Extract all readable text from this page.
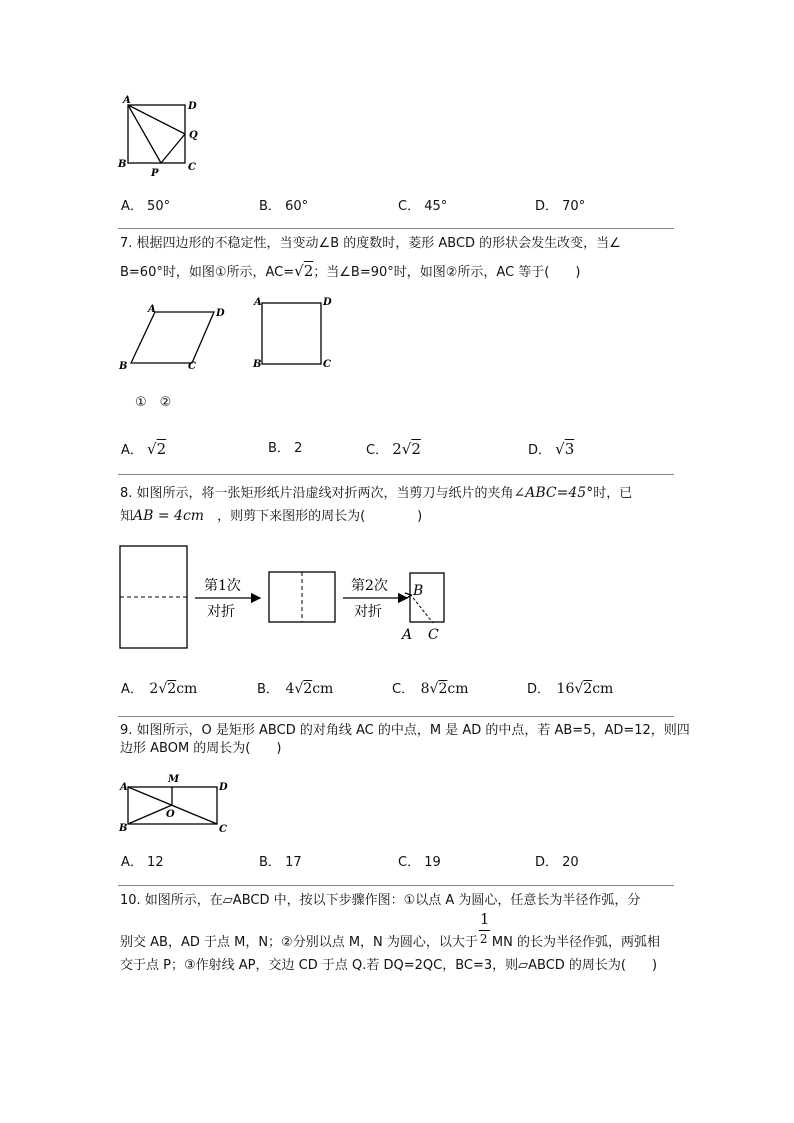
A
D
Q
B	C
P
A． 50°	B． 60°	C． 45°	D． 70°
7. 根据四边形的不稳定性，当变动∠B 的度数时，菱形 ABCD 的形状会发生改变，当∠
B=60°时，如图①所示，AC=√2；当∠B=90°时，如图②所示，AC 等于(　　)
A	D
B	C
A	D
B	C
①　②
A． √2	B． 2	C． 2√2	D． √3
8. 如图所示，将一张矩形纸片沿虚线对折两次，当剪刀与纸片的夹角∠ABC=45°时，已
知AB = 4cm　 ，则剪下来图形的周长为(　　　　)
第1次
对折
第2次
对折
B
A C
A．　 2√2cm	B．　 4√2cm	C．　 8√2cm	D．　 16√2cm
9. 如图所示，O 是矩形 ABCD 的对角线 AC 的中点，M 是 AD 的中点，若 AB=5，AD=12，则四
边形 ABOM 的周长为(　　)
M
A	D
O
B	C
A． 12	B． 17	C． 19	D． 20
10. 如图所示，在▱ABCD 中，按以下步骤作图：①以点 A 为圆心，任意长为半径作弧，分
别交 AB，AD 于点 M，N；②分别以点 M，N 为圆心，以大于
1
2 MN 的长为半径作弧，两弧相
交于点 P；③作射线 AP，交边 CD 于点 Q.若 DQ=2QC，BC=3，则▱ABCD 的周长为(　　)
